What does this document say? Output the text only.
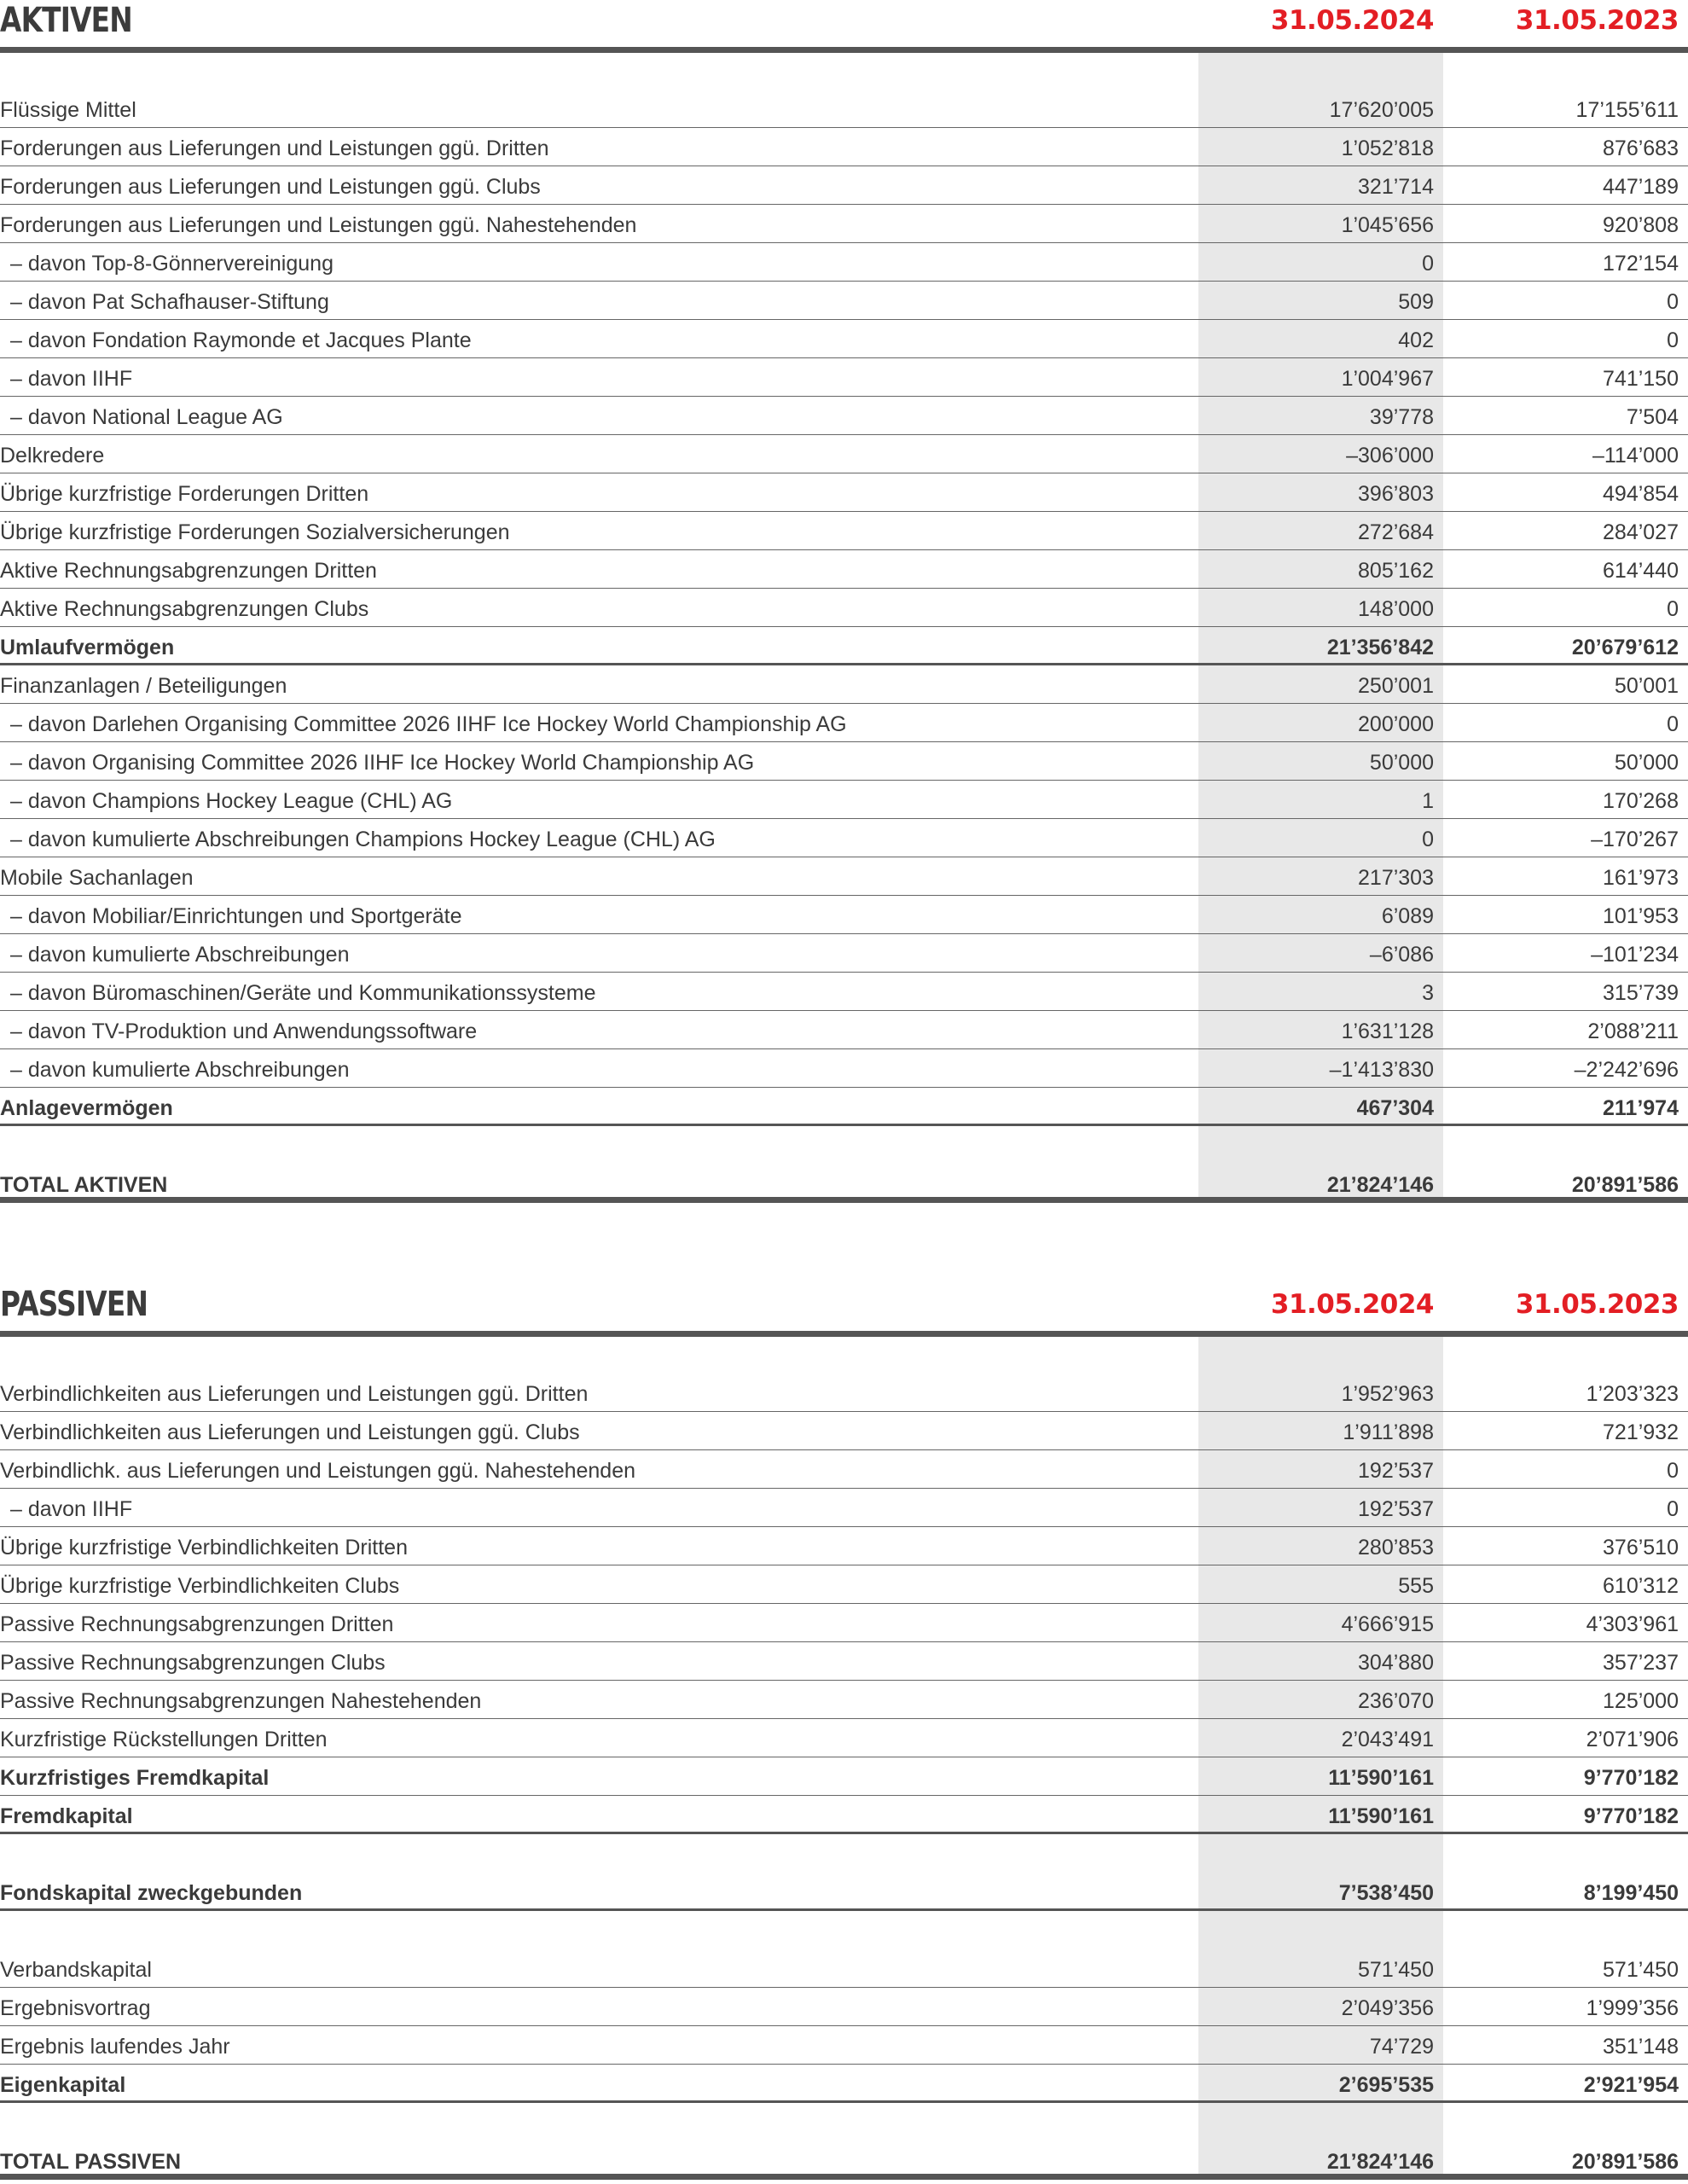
AKTIVEN	31.05.2024	31.05.2023
Flüssige Mittel	17’620’005	17’155’611
Forderungen aus Lieferungen und Leistungen ggü. Dritten	1’052’818	876’683
Forderungen aus Lieferungen und Leistungen ggü. Clubs	321’714	447’189
Forderungen aus Lieferungen und Leistungen ggü. Nahestehenden	1’045’656	920’808
– davon Top-8-Gönnervereinigung	0	172’154
– davon Pat Schafhauser-Stiftung	509	0
– davon Fondation Raymonde et Jacques Plante	402	0
– davon IIHF	1’004’967	741’150
– davon National League AG	39’778	7’504
Delkredere	–306’000	–114’000
Übrige kurzfristige Forderungen Dritten	396’803	494’854
Übrige kurzfristige Forderungen Sozialversicherungen	272’684	284’027
Aktive Rechnungsabgrenzungen Dritten	805’162	614’440
Aktive Rechnungsabgrenzungen Clubs	148’000	0
Umlaufvermögen	21’356’842	20’679’612
Finanzanlagen / Beteiligungen	250’001	50’001
– davon Darlehen Organising Committee 2026 IIHF Ice Hockey World Championship AG	200’000	0
– davon Organising Committee 2026 IIHF Ice Hockey World Championship AG	50’000	50’000
– davon Champions Hockey League (CHL) AG	1	170’268
– davon kumulierte Abschreibungen Champions Hockey League (CHL) AG	0	–170’267
Mobile Sachanlagen	217’303	161’973
– davon Mobiliar/Einrichtungen und Sportgeräte	6’089	101’953
– davon kumulierte Abschreibungen	–6’086	–101’234
– davon Büromaschinen/Geräte und Kommunikationssysteme	3	315’739
– davon TV-Produktion und Anwendungssoftware	1’631’128	2’088’211
– davon kumulierte Abschreibungen	–1’413’830	–2’242’696
Anlagevermögen	467’304	211’974
TOTAL AKTIVEN	21’824’146	20’891’586
PASSIVEN	31.05.2024	31.05.2023
Verbindlichkeiten aus Lieferungen und Leistungen ggü. Dritten	1’952’963	1’203’323
Verbindlichkeiten aus Lieferungen und Leistungen ggü. Clubs	1’911’898	721’932
Verbindlichk. aus Lieferungen und Leistungen ggü. Nahestehenden	192’537	0
– davon IIHF	192’537	0
Übrige kurzfristige Verbindlichkeiten Dritten	280’853	376’510
Übrige kurzfristige Verbindlichkeiten Clubs	555	610’312
Passive Rechnungsabgrenzungen Dritten	4’666’915	4’303’961
Passive Rechnungsabgrenzungen Clubs	304’880	357’237
Passive Rechnungsabgrenzungen Nahestehenden	236’070	125’000
Kurzfristige Rückstellungen Dritten	2’043’491	2’071’906
Kurzfristiges Fremdkapital	11’590’161	9’770’182
Fremdkapital	11’590’161	9’770’182
Fondskapital zweckgebunden	7’538’450	8’199’450
Verbandskapital	571’450	571’450
Ergebnisvortrag	2’049’356	1’999’356
Ergebnis laufendes Jahr	74’729	351’148
Eigenkapital	2’695’535	2’921’954
TOTAL PASSIVEN	21’824’146	20’891’586
